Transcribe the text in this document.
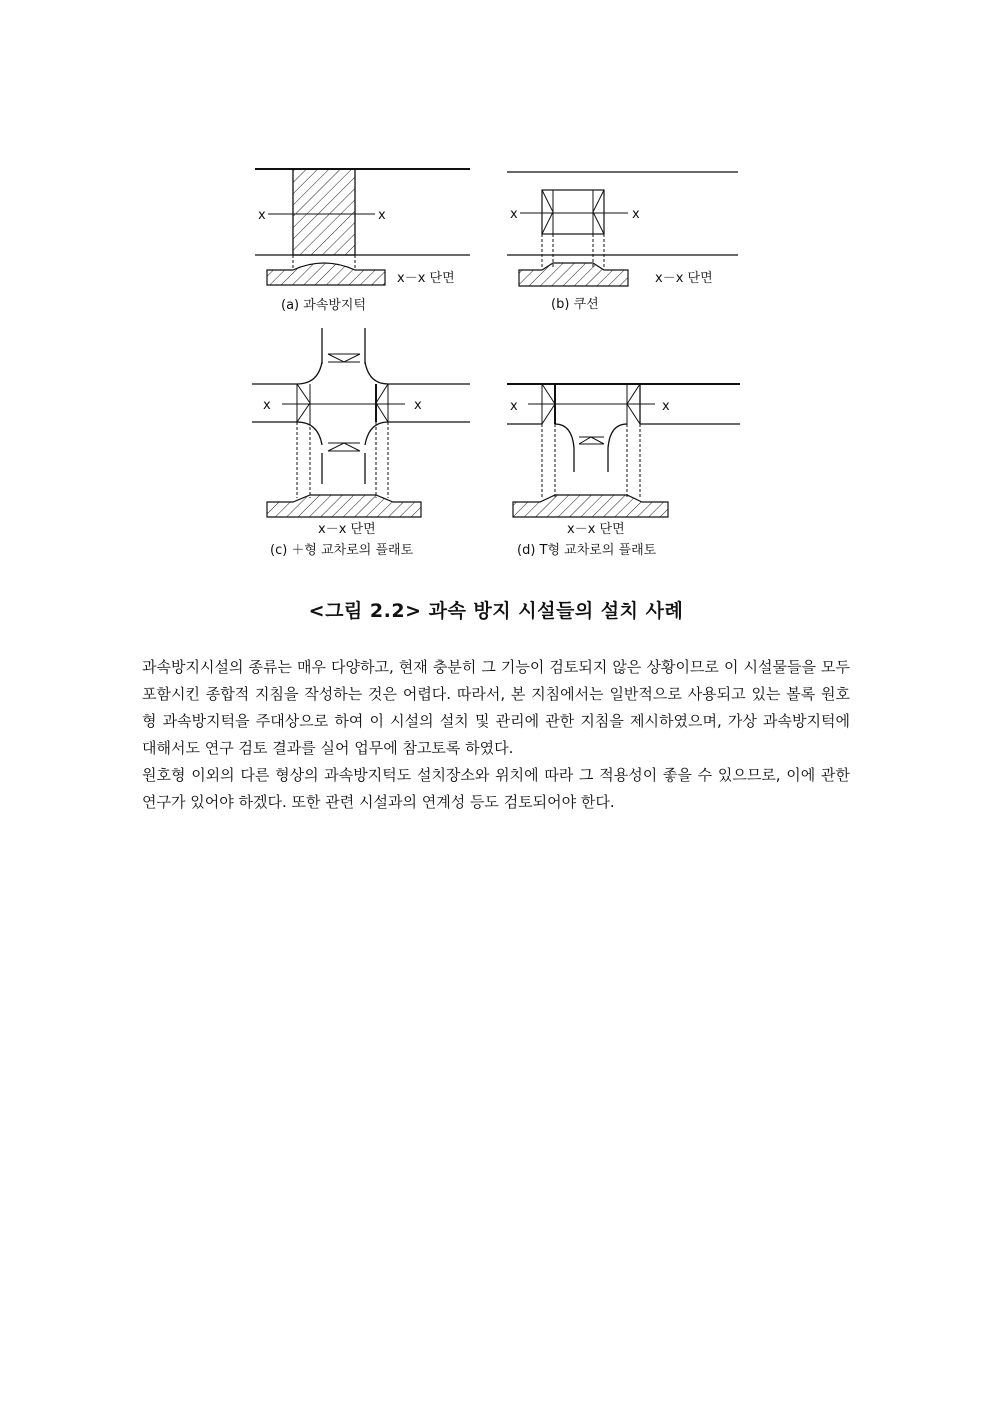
x	x
x－x 단면
(a) 과속방지턱
x	x
x－x 단면
(b) 쿠션
x	x
x－x 단면
(c) ＋형 교차로의 플래토
x	x
x－x 단면
(d) T형 교차로의 플래토
<그림 2.2> 과속 방지 시설들의 설치 사례

과속방지시설의 종류는 매우 다양하고, 현재 충분히 그 기능이 검토되지 않은 상황이므로 이 시설물들을 모두 포함시킨 종합적 지침을 작성하는 것은 어렵다. 따라서, 본 지침에서는 일반적으로 사용되고 있는 볼록 원호형 과속방지턱을 주대상으로 하여 이 시설의 설치 및 관리에 관한 지침을 제시하였으며, 가상 과속방지턱에 대해서도 연구 검토 결과를 실어 업무에 참고토록 하였다.

원호형 이외의 다른 형상의 과속방지턱도 설치장소와 위치에 따라 그 적용성이 좋을 수 있으므로, 이에 관한 연구가 있어야 하겠다. 또한 관련 시설과의 연계성 등도 검토되어야 한다.
